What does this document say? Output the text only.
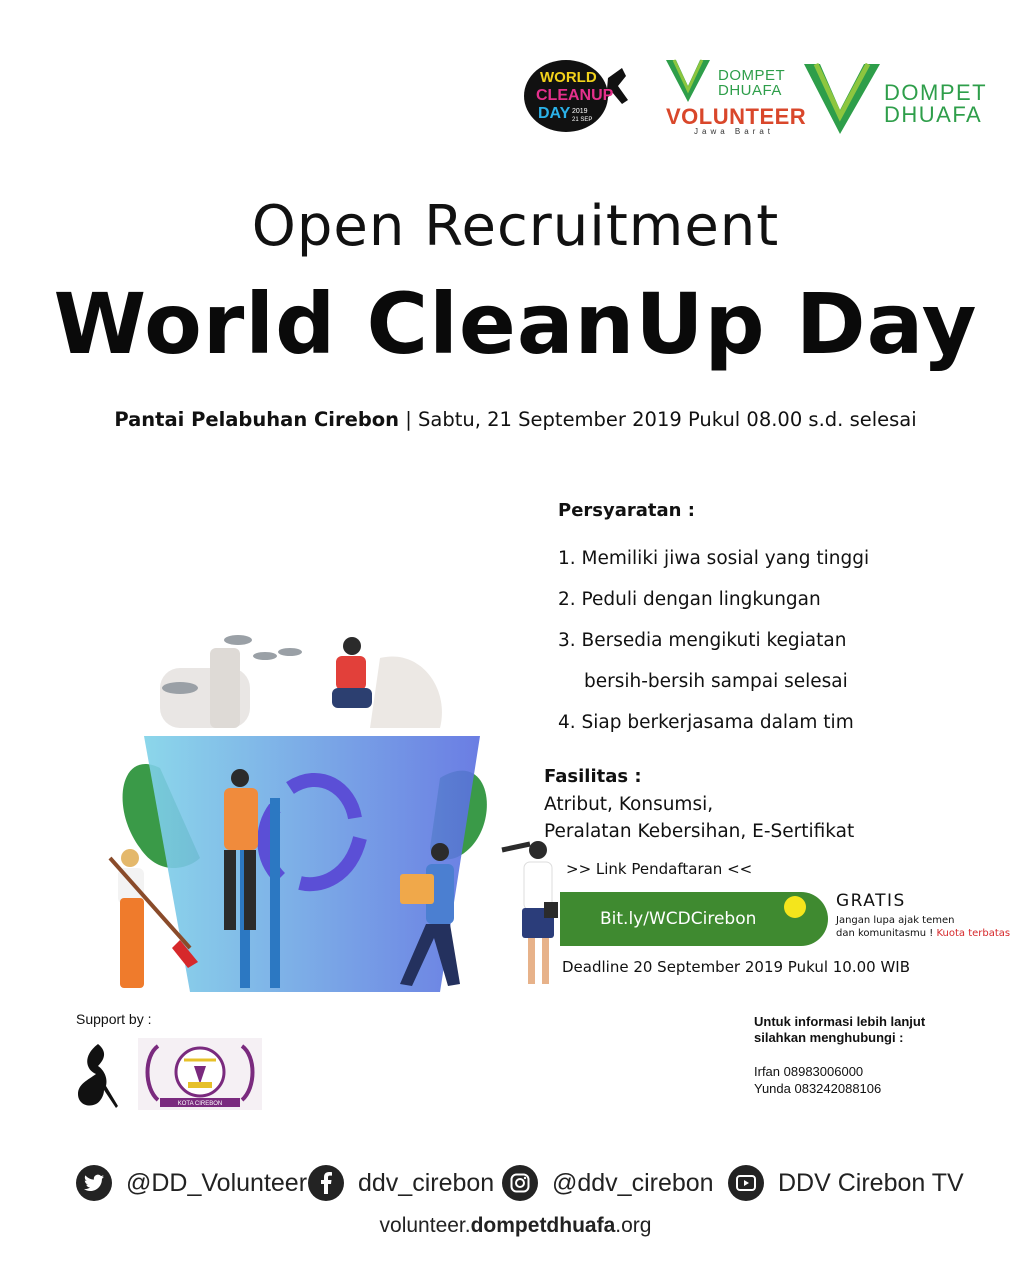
WORLD
CLEANUP
DAY 2019
21 SEP
DOMPET
DHUAFA
VOLUNTEER
Jawa Barat
DOMPET
DHUAFA
Open Recruitment
World CleanUp Day
Pantai Pelabuhan Cirebon | Sabtu, 21 September 2019 Pukul 08.00 s.d. selesai
Persyaratan :
1. Memiliki jiwa sosial yang tinggi
2. Peduli dengan lingkungan
3. Bersedia mengikuti kegiatan
bersih-bersih sampai selesai
4. Siap berkerjasama dalam tim
Fasilitas :
Atribut, Konsumsi,
Peralatan Kebersihan, E-Sertifikat
>> Link Pendaftaran <<
Bit.ly/WCDCirebon
GRATIS
Jangan lupa ajak temen
dan komunitasmu ! Kuota terbatas
Deadline 20 September 2019 Pukul 10.00 WIB
Support by :
KOTA CIREBON
Untuk informasi lebih lanjut
silahkan menghubungi :
Irfan 08983006000
Yunda 083242088106
@DD_Volunteer ddv_cirebon @ddv_cirebon	DDV Cirebon TV
volunteer.dompetdhuafa.org
